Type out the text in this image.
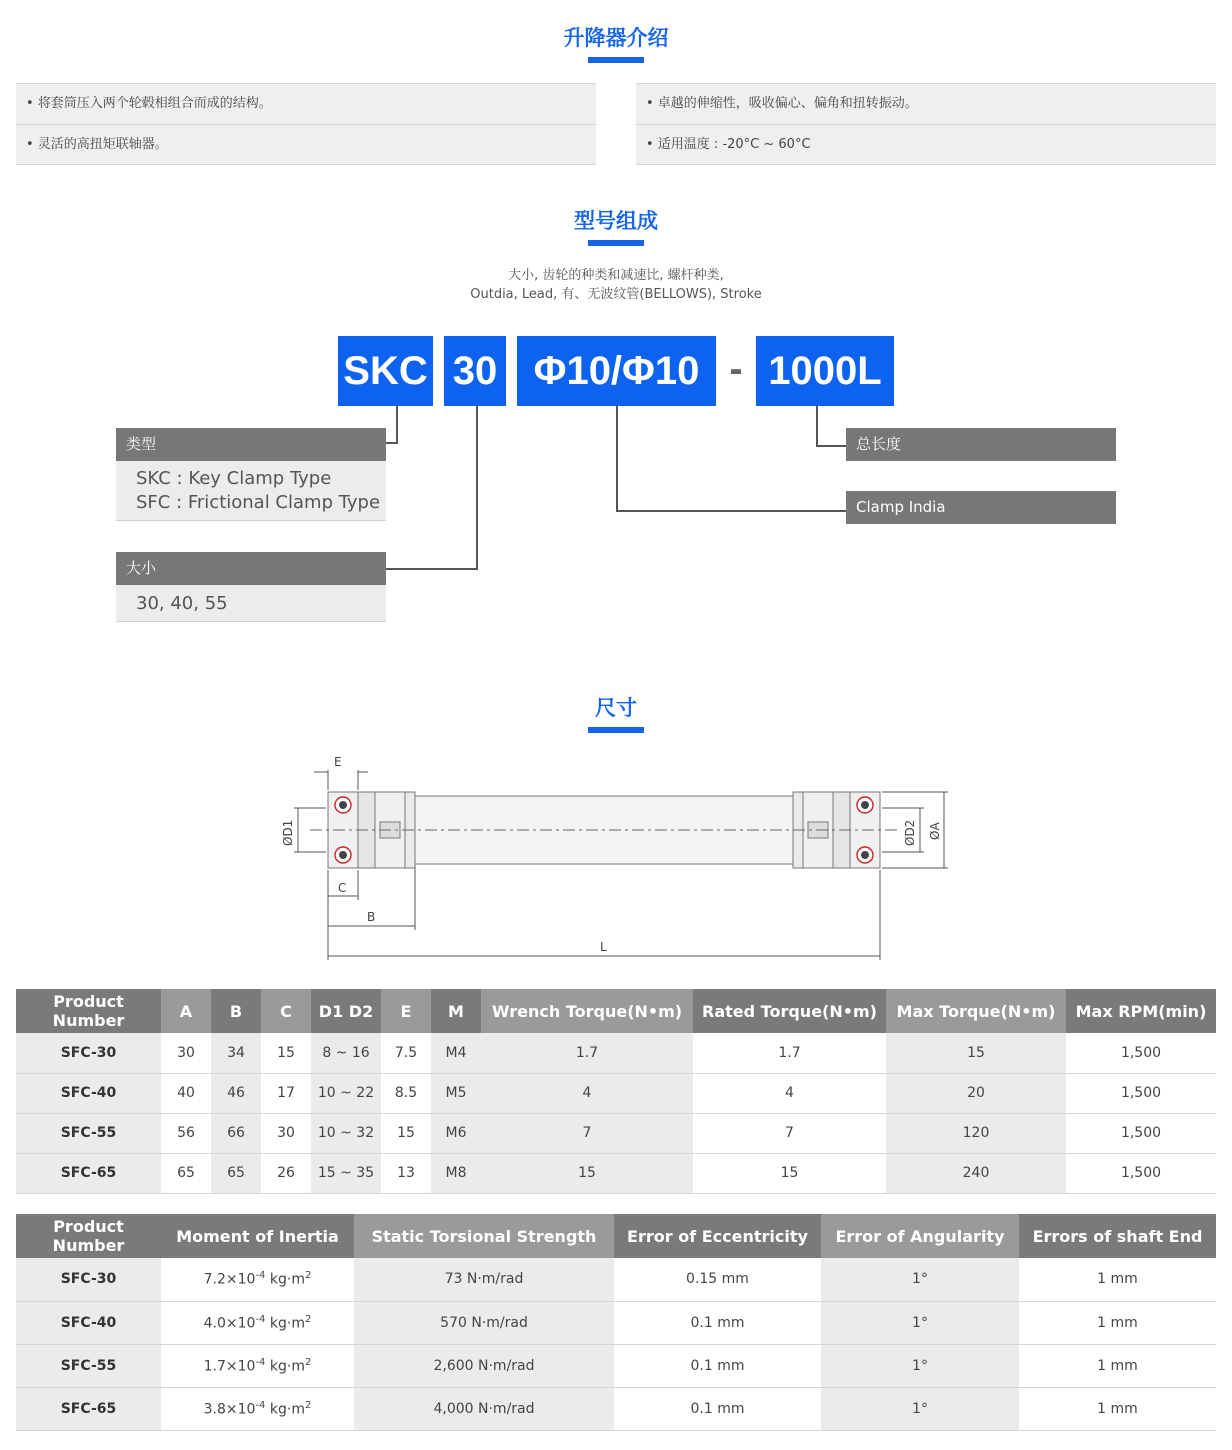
升降器介绍
• 将套筒压入两个轮毂相组合而成的结构。
• 灵活的高扭矩联轴器。
• 卓越的伸缩性，吸收偏心、偏角和扭转振动。
• 适用温度 : -20°C ~ 60°C
型号组成
大小, 齿轮的种类和减速比, 螺杆种类,
Outdia, Lead, 有、无波纹管(BELLOWS), Stroke
SKC 30 Φ10/Φ10 - 1000L
类型
SKC : Key Clamp Type
SFC : Frictional Clamp Type
大小
30, 40, 55
总长度
Clamp India
尺寸
E
C
B
L
ØD1	ØD2 ØA
Product Number	A	B	C	D1 D2	E	M	Wrench Torque(N•m)	Rated Torque(N•m)	Max Torque(N•m)	Max RPM(min)
SFC-30	30	34	15	8 ~ 16	7.5	M4	1.7	1.7	15	1,500
SFC-40	40	46	17	10 ~ 22	8.5	M5	4	4	20	1,500
SFC-55	56	66	30	10 ~ 32	15	M6	7	7	120	1,500
SFC-65	65	65	26	15 ~ 35	13	M8	15	15	240	1,500
Product Number	Moment of Inertia	Static Torsional Strength	Error of Eccentricity	Error of Angularity	Errors of shaft End
SFC-30	$7.2\times 10^{-4}$ $kg\cdot m^2$	73 N·m/rad	0.15 mm	1°	1 mm
SFC-40	$4.0\times 10^{-4}$ $kg\cdot m^2$	570 N·m/rad	0.1 mm	1°	1 mm
SFC-55	$1.7\times 10^{-4}$ $kg\cdot m^2$	2,600 N·m/rad	0.1 mm	1°	1 mm
SFC-65	$3.8\times 10^{-4}$ $kg\cdot m^2$	4,000 N·m/rad	0.1 mm	1°	1 mm
